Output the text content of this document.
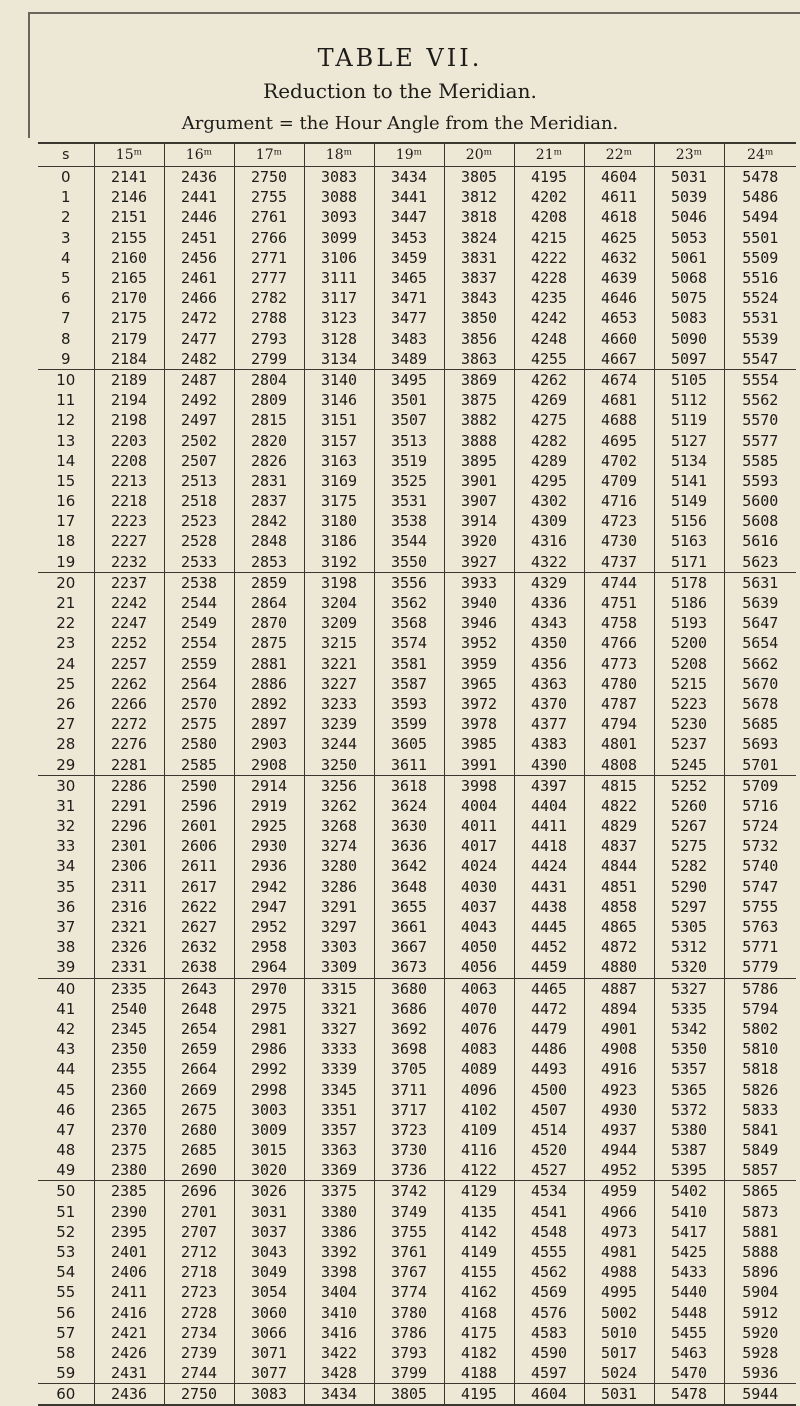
TABLE VII.
Reduction to the Meridian.
Argument = the Hour Angle from the Meridian.
s	15ᵐ	16ᵐ	17ᵐ	18ᵐ	19ᵐ	20ᵐ	21ᵐ	22ᵐ	23ᵐ	24ᵐ
0	2141	2436	2750	3083	3434	3805	4195	4604	5031	5478
1	2146	2441	2755	3088	3441	3812	4202	4611	5039	5486
2	2151	2446	2761	3093	3447	3818	4208	4618	5046	5494
3	2155	2451	2766	3099	3453	3824	4215	4625	5053	5501
4	2160	2456	2771	3106	3459	3831	4222	4632	5061	5509
5	2165	2461	2777	3111	3465	3837	4228	4639	5068	5516
6	2170	2466	2782	3117	3471	3843	4235	4646	5075	5524
7	2175	2472	2788	3123	3477	3850	4242	4653	5083	5531
8	2179	2477	2793	3128	3483	3856	4248	4660	5090	5539
9	2184	2482	2799	3134	3489	3863	4255	4667	5097	5547
10	2189	2487	2804	3140	3495	3869	4262	4674	5105	5554
11	2194	2492	2809	3146	3501	3875	4269	4681	5112	5562
12	2198	2497	2815	3151	3507	3882	4275	4688	5119	5570
13	2203	2502	2820	3157	3513	3888	4282	4695	5127	5577
14	2208	2507	2826	3163	3519	3895	4289	4702	5134	5585
15	2213	2513	2831	3169	3525	3901	4295	4709	5141	5593
16	2218	2518	2837	3175	3531	3907	4302	4716	5149	5600
17	2223	2523	2842	3180	3538	3914	4309	4723	5156	5608
18	2227	2528	2848	3186	3544	3920	4316	4730	5163	5616
19	2232	2533	2853	3192	3550	3927	4322	4737	5171	5623
20	2237	2538	2859	3198	3556	3933	4329	4744	5178	5631
21	2242	2544	2864	3204	3562	3940	4336	4751	5186	5639
22	2247	2549	2870	3209	3568	3946	4343	4758	5193	5647
23	2252	2554	2875	3215	3574	3952	4350	4766	5200	5654
24	2257	2559	2881	3221	3581	3959	4356	4773	5208	5662
25	2262	2564	2886	3227	3587	3965	4363	4780	5215	5670
26	2266	2570	2892	3233	3593	3972	4370	4787	5223	5678
27	2272	2575	2897	3239	3599	3978	4377	4794	5230	5685
28	2276	2580	2903	3244	3605	3985	4383	4801	5237	5693
29	2281	2585	2908	3250	3611	3991	4390	4808	5245	5701
30	2286	2590	2914	3256	3618	3998	4397	4815	5252	5709
31	2291	2596	2919	3262	3624	4004	4404	4822	5260	5716
32	2296	2601	2925	3268	3630	4011	4411	4829	5267	5724
33	2301	2606	2930	3274	3636	4017	4418	4837	5275	5732
34	2306	2611	2936	3280	3642	4024	4424	4844	5282	5740
35	2311	2617	2942	3286	3648	4030	4431	4851	5290	5747
36	2316	2622	2947	3291	3655	4037	4438	4858	5297	5755
37	2321	2627	2952	3297	3661	4043	4445	4865	5305	5763
38	2326	2632	2958	3303	3667	4050	4452	4872	5312	5771
39	2331	2638	2964	3309	3673	4056	4459	4880	5320	5779
40	2335	2643	2970	3315	3680	4063	4465	4887	5327	5786
41	2540	2648	2975	3321	3686	4070	4472	4894	5335	5794
42	2345	2654	2981	3327	3692	4076	4479	4901	5342	5802
43	2350	2659	2986	3333	3698	4083	4486	4908	5350	5810
44	2355	2664	2992	3339	3705	4089	4493	4916	5357	5818
45	2360	2669	2998	3345	3711	4096	4500	4923	5365	5826
46	2365	2675	3003	3351	3717	4102	4507	4930	5372	5833
47	2370	2680	3009	3357	3723	4109	4514	4937	5380	5841
48	2375	2685	3015	3363	3730	4116	4520	4944	5387	5849
49	2380	2690	3020	3369	3736	4122	4527	4952	5395	5857
50	2385	2696	3026	3375	3742	4129	4534	4959	5402	5865
51	2390	2701	3031	3380	3749	4135	4541	4966	5410	5873
52	2395	2707	3037	3386	3755	4142	4548	4973	5417	5881
53	2401	2712	3043	3392	3761	4149	4555	4981	5425	5888
54	2406	2718	3049	3398	3767	4155	4562	4988	5433	5896
55	2411	2723	3054	3404	3774	4162	4569	4995	5440	5904
56	2416	2728	3060	3410	3780	4168	4576	5002	5448	5912
57	2421	2734	3066	3416	3786	4175	4583	5010	5455	5920
58	2426	2739	3071	3422	3793	4182	4590	5017	5463	5928
59	2431	2744	3077	3428	3799	4188	4597	5024	5470	5936
60	2436	2750	3083	3434	3805	4195	4604	5031	5478	5944
